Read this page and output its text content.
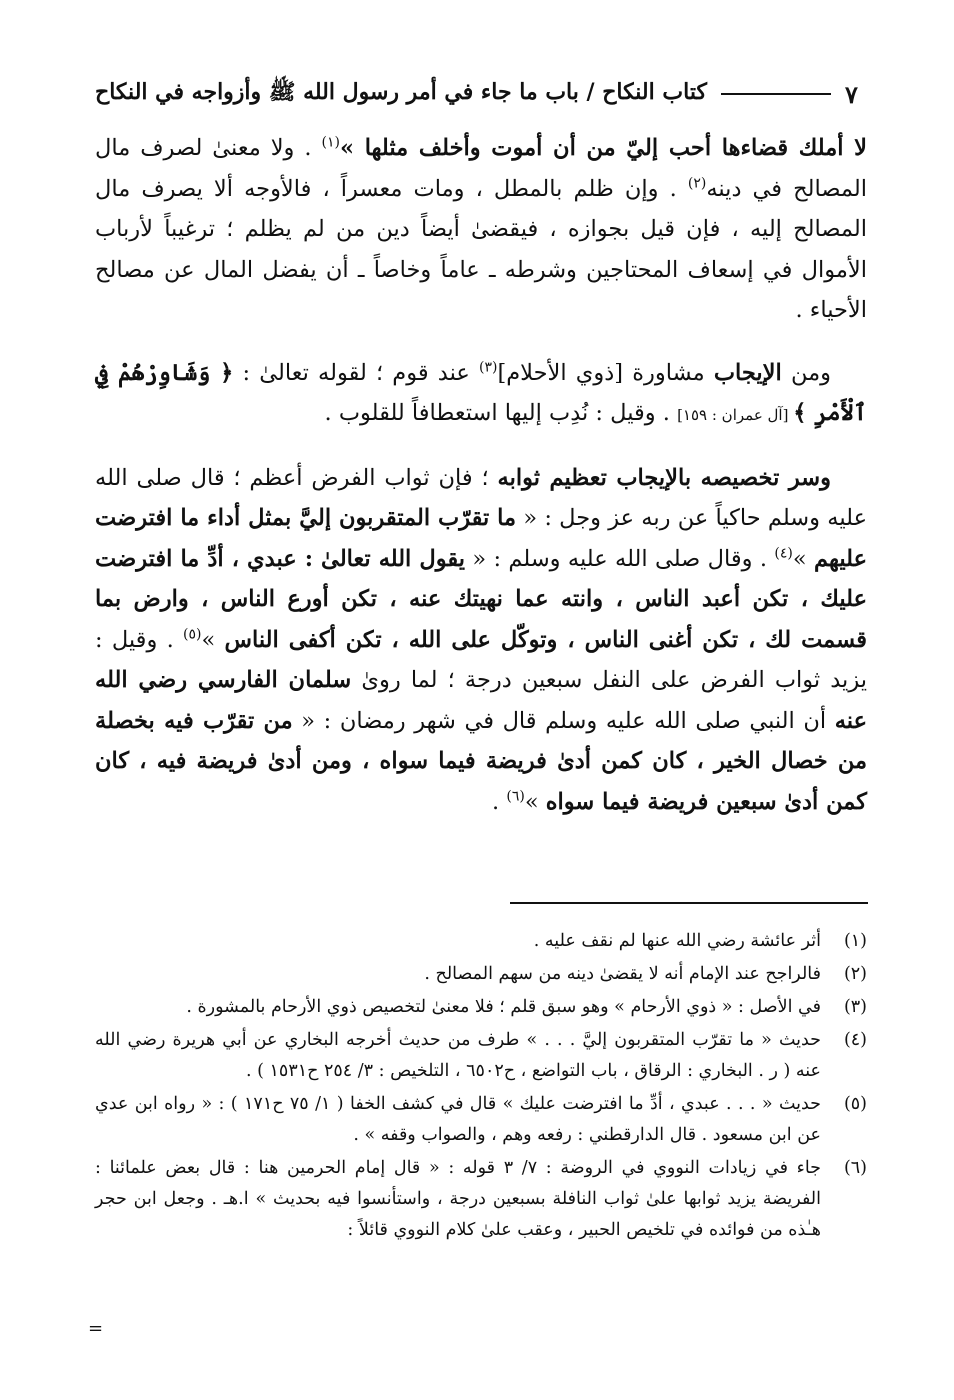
كتاب النكاح / باب ما جاء في أمر رسول الله ﷺ وأزواجه في النكاح	٧

لا أملك قضاءها أحب إليّ من أن أموت وأخلف مثلها »$^{(١)}$ . ولا معنىٰ لصرف مال المصالح في دينه$^{(٢)}$ . وإن ظلم بالمطل ، ومات معسراً ، فالأوجه ألا يصرف مال المصالح إليه ، فإن قيل بجوازه ، فيقضىٰ أيضاً دين من لم يظلم ؛ ترغيباً لأرباب الأموال في إسعاف المحتاجين وشرطه ـ عاماً وخاصاً ـ أن يفضل المال عن مصالح الأحياء .

ومن الإيجاب مشاورة [ذوي الأحلام]$^{(٣)}$ عند قوم ؛ لقوله تعالىٰ : ﴿ وَشَاوِرْهُمْ فِي ٱلْأَمْرِ ﴾ [آل عمران : ١٥٩] . وقيل : نُدِب إليها استعطافاً للقلوب .

وسر تخصيصه بالإيجاب تعظيم ثوابه ؛ فإن ثواب الفرض أعظم ؛ قال صلى الله عليه وسلم حاكياً عن ربه عز وجل : « ما تقرّب المتقربون إليَّ بمثل أداء ما افترضت عليهم »$^{(٤)}$ . وقال صلى الله عليه وسلم : « يقول الله تعالىٰ : عبدي ، أدِّ ما افترضت عليك ، تكن أعبد الناس ، وانته عما نهيتك عنه ، تكن أورع الناس ، وارض بما قسمت لك ، تكن أغنى الناس ، وتوكّل على الله ، تكن أكفى الناس »$^{(٥)}$ . وقيل : يزيد ثواب الفرض على النفل سبعين درجة ؛ لما روىٰ سلمان الفارسي رضي الله عنه أن النبي صلى الله عليه وسلم قال في شهر رمضان : « من تقرّب فيه بخصلة من خصال الخير ، كان كمن أدىٰ فريضة فيما سواه ، ومن أدىٰ فريضة فيه ، كان كمن أدىٰ سبعين فريضة فيما سواه »$^{(٦)}$ .

(١)
أثر عائشة رضي الله عنها لم نقف عليه .
(٢)
فالراجح عند الإمام أنه لا يقضىٰ دينه من سهم المصالح .
(٣)
في الأصل : « ذوي الأرحام » وهو سبق قلم ؛ فلا معنىٰ لتخصيص ذوي الأرحام بالمشورة .
(٤)
حديث « ما تقرّب المتقربون إليَّ . . . » طرف من حديث أخرجه البخاري عن أبي هريرة رضي الله عنه ( ر . البخاري : الرقاق ، باب التواضع ، ح٦٥٠٢ ، التلخيص : ٣/ ٢٥٤ ح١٥٣١ ) .
(٥)
حديث « . . . عبدي ، أدِّ ما افترضت عليك » قال في كشف الخفا ( ١/ ٧٥ ح١٧١ ) : « رواه ابن عدي عن ابن مسعود . قال الدارقطني : رفعه وهم ، والصواب وقفه » .
(٦)
جاء في زيادات النووي في الروضة : ٧/ ٣ قوله : « قال إمام الحرمين هنا : قال بعض علمائنا : الفريضة يزيد ثوابها علىٰ ثواب النافلة بسبعين درجة ، واستأنسوا فيه بحديث » ا.هـ . وجعل ابن حجر هـٰذه من فوائده في تلخيص الحبير ، وعقب علىٰ كلام النووي قائلاً :
=
